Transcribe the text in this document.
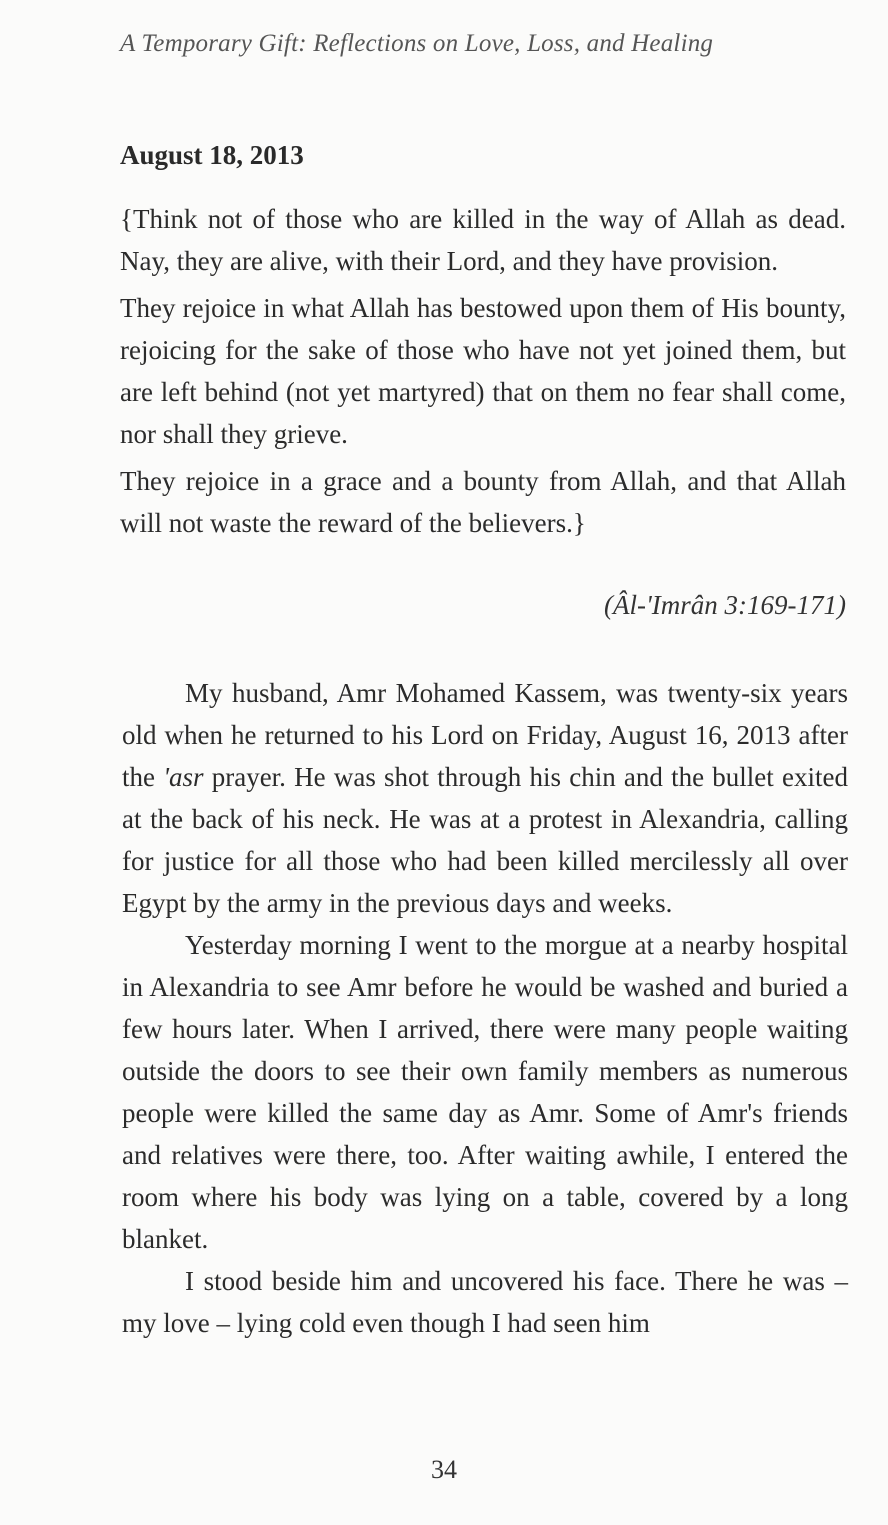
A Temporary Gift: Reflections on Love, Loss, and Healing
August 18, 2013

{Think not of those who are killed in the way of Allah as dead. Nay, they are alive, with their Lord, and they have provision.

They rejoice in what Allah has bestowed upon them of His bounty, rejoicing for the sake of those who have not yet joined them, but are left behind (not yet martyred) that on them no fear shall come, nor shall they grieve.

They rejoice in a grace and a bounty from Allah, and that Allah will not waste the reward of the believers.}

(Âl-'Imrân 3:169-171)

My husband, Amr Mohamed Kassem, was twenty-six years old when he returned to his Lord on Friday, August 16, 2013 after the 'asr prayer. He was shot through his chin and the bullet exited at the back of his neck. He was at a protest in Alexandria, calling for justice for all those who had been killed mercilessly all over Egypt by the army in the previous days and weeks.

Yesterday morning I went to the morgue at a nearby hospital in Alexandria to see Amr before he would be washed and buried a few hours later. When I arrived, there were many people waiting outside the doors to see their own family members as numerous people were killed the same day as Amr. Some of Amr's friends and relatives were there, too. After waiting awhile, I entered the room where his body was lying on a table, covered by a long blanket.

I stood beside him and uncovered his face. There he was – my love – lying cold even though I had seen him

34
